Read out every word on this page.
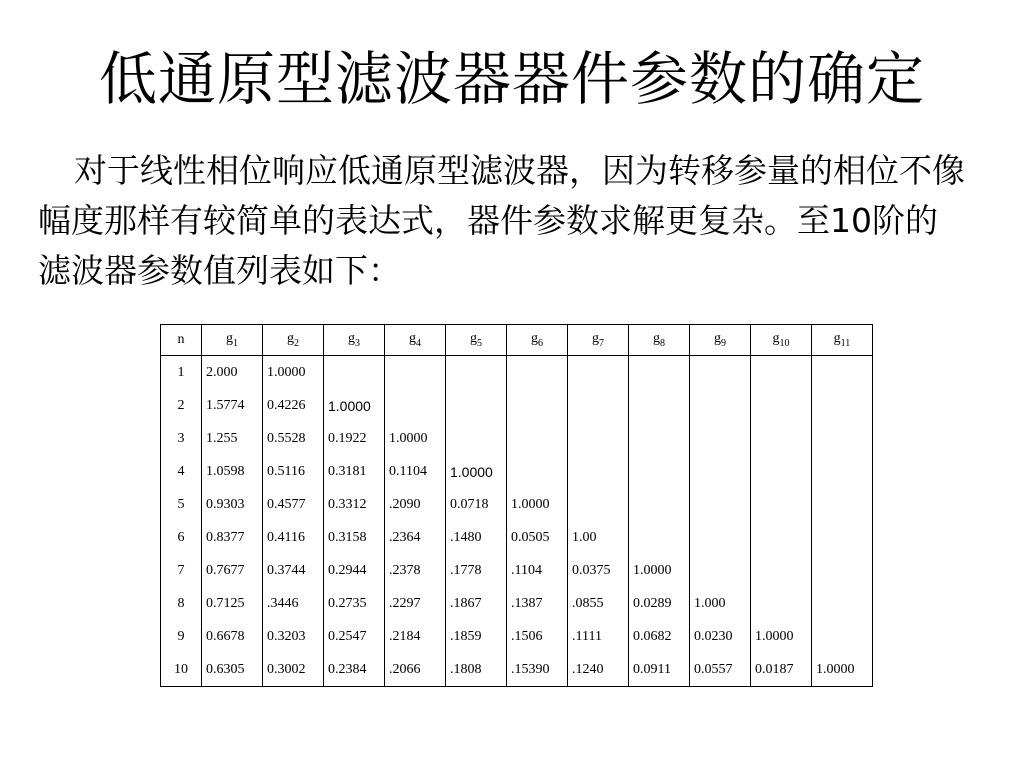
低通原型滤波器器件参数的确定
对于线性相位响应低通原型滤波器，因为转移参量的相位不像幅度那样有较简单的表达式，器件参数求解更复杂。至10阶的滤波器参数值列表如下：
n	$g_1$	$g_2$	$g_3$	$g_4$	$g_5$	$g_6$	$g_7$	$g_8$	$g_9$	$g_{10}$	$g_{11}$
1	2.000	1.0000									
2	1.5774	0.4226	1.0000								
3	1.255	0.5528	0.1922	1.0000							
4	1.0598	0.5116	0.3181	0.1104	1.0000						
5	0.9303	0.4577	0.3312	.2090	0.0718	1.0000					
6	0.8377	0.4116	0.3158	.2364	.1480	0.0505	1.00				
7	0.7677	0.3744	0.2944	.2378	.1778	.1104	0.0375	1.0000			
8	0.7125	.3446	0.2735	.2297	.1867	.1387	.0855	0.0289	1.000		
9	0.6678	0.3203	0.2547	.2184	.1859	.1506	.1111	0.0682	0.0230	1.0000	
10	0.6305	0.3002	0.2384	.2066	.1808	.15390	.1240	0.0911	0.0557	0.0187	1.0000
